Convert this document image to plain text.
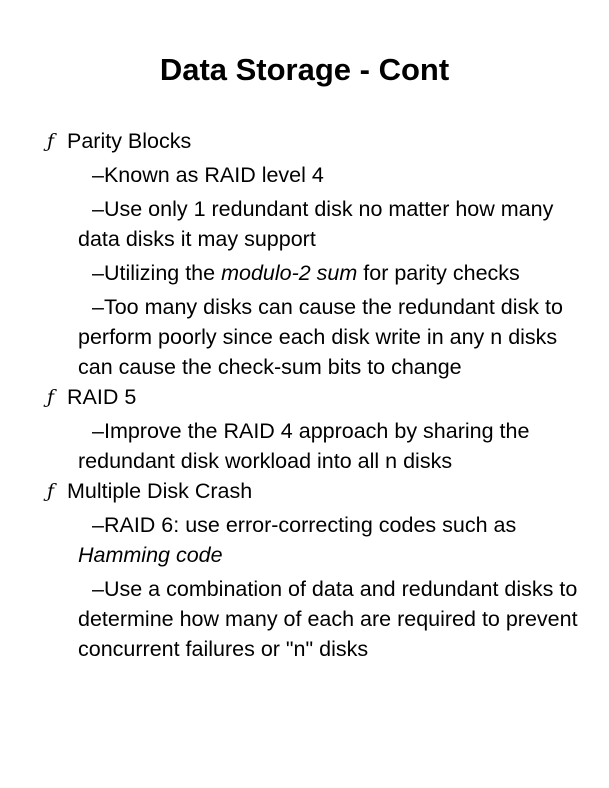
Data Storage - Cont
ƒ Parity Blocks
–Known as RAID level 4
–Use only 1 redundant disk no matter how many data disks it may support
–Utilizing the modulo-2 sum for parity checks
–Too many disks can cause the redundant disk to perform poorly since each disk write in any n disks can cause the check-sum bits to change
ƒ RAID 5
–Improve the RAID 4 approach by sharing the redundant disk workload into all n disks
ƒ Multiple Disk Crash
–RAID 6: use error-correcting codes such as Hamming code
–Use a combination of data and redundant disks to determine how many of each are required to prevent concurrent failures or "n" disks
